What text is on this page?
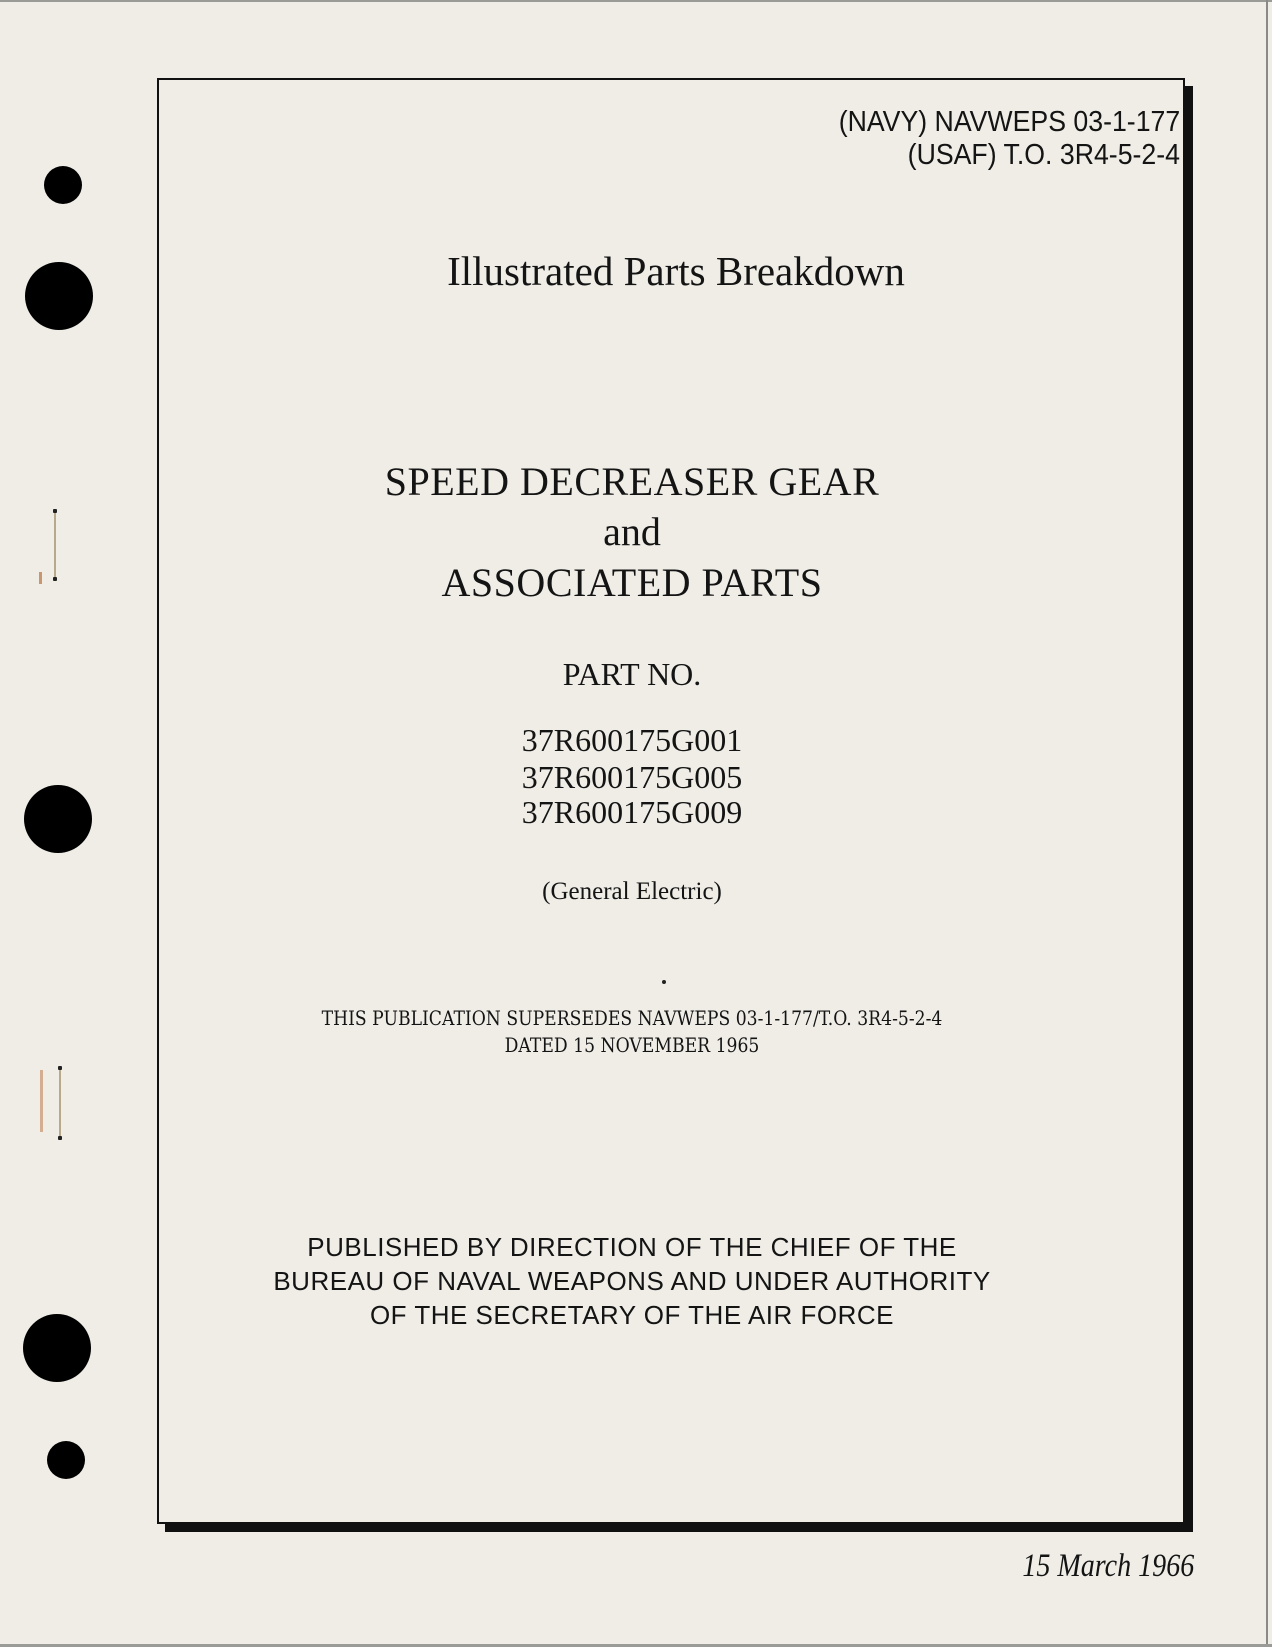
(NAVY) NAVWEPS 03-1-177
(USAF) T.O. 3R4-5-2-4
Illustrated Parts Breakdown
SPEED DECREASER GEAR
and
ASSOCIATED PARTS
PART NO.
37R600175G001
37R600175G005
37R600175G009
(General Electric)
THIS PUBLICATION SUPERSEDES NAVWEPS 03-1-177/T.O. 3R4-5-2-4
DATED 15 NOVEMBER 1965
PUBLISHED BY DIRECTION OF THE CHIEF OF THE
BUREAU OF NAVAL WEAPONS AND UNDER AUTHORITY
OF THE SECRETARY OF THE AIR FORCE
15 March 1966
